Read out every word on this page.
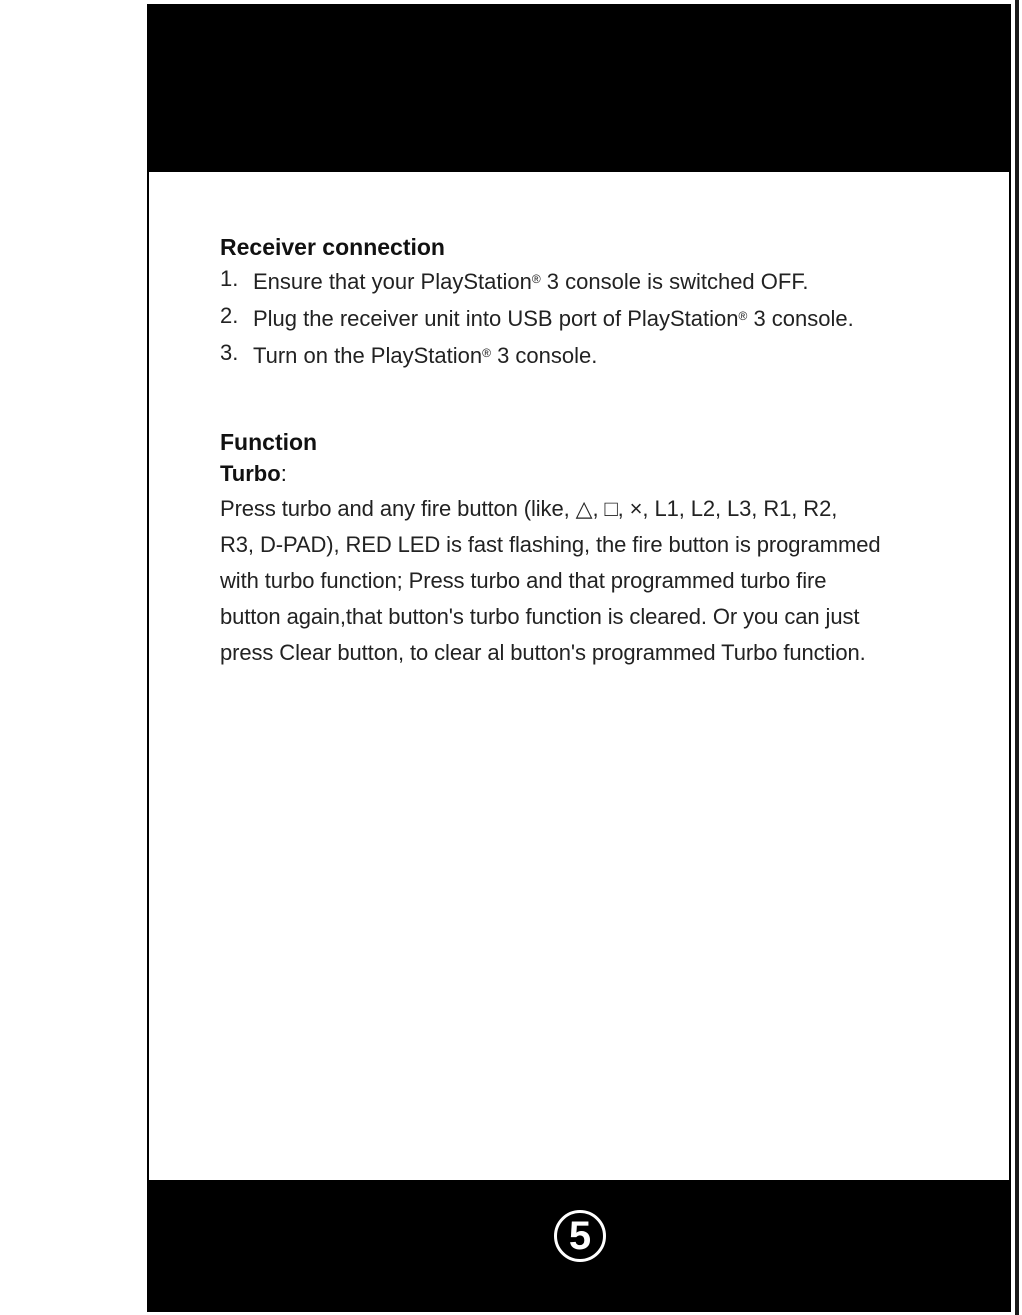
Receiver connection
1. Ensure that your PlayStation® 3 console is switched OFF.
2. Plug the receiver unit into USB port of PlayStation® 3 console.
3. Turn on the PlayStation® 3 console.
Function
Turbo:
Press turbo and any fire button (like, △, □, ×, L1, L2, L3, R1, R2,
R3, D-PAD), RED LED is fast flashing, the fire button is programmed
with turbo function; Press turbo and that programmed turbo fire
button again,that button's turbo function is cleared. Or you can just
press Clear button, to clear al button's programmed Turbo function.
5
